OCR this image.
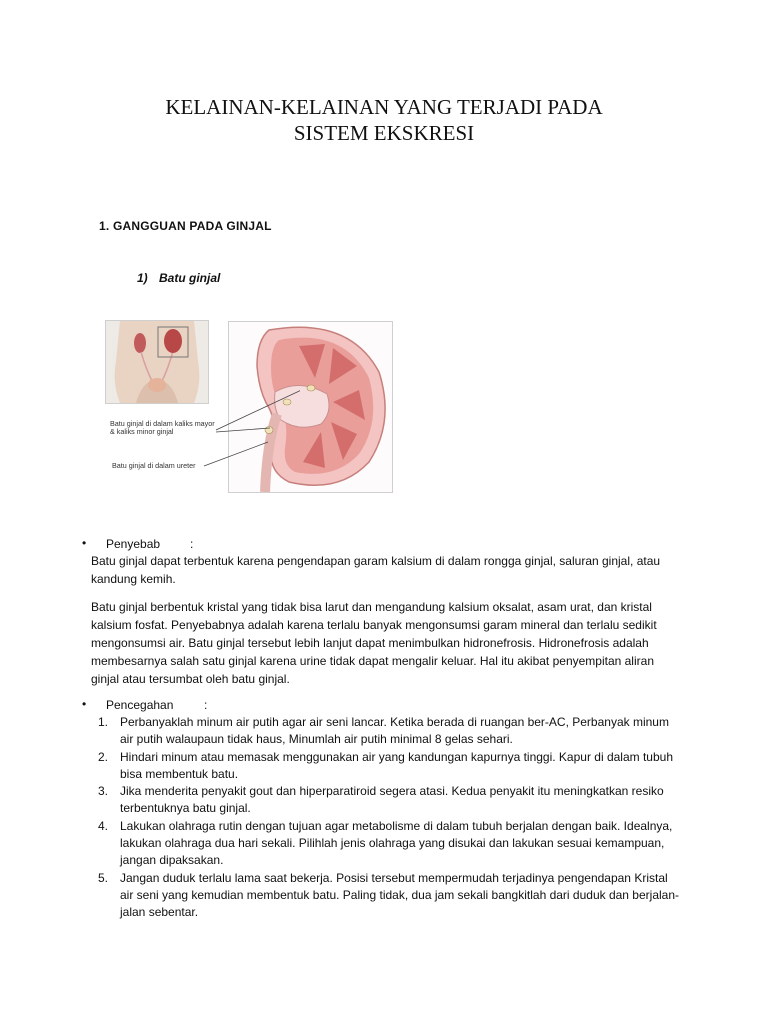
KELAINAN-KELAINAN YANG TERJADI PADA
SISTEM EKSKRESI
1. GANGGUAN PADA GINJAL
1) Batu ginjal
Batu ginjal di dalam kaliks mayor & kaliks minor ginjal
Batu ginjal di dalam ureter
• Penyebab :
Batu ginjal dapat terbentuk karena pengendapan garam kalsium di dalam rongga ginjal, saluran ginjal, atau kandung kemih.
Batu ginjal berbentuk kristal yang tidak bisa larut dan mengandung kalsium oksalat, asam urat, dan kristal kalsium fosfat. Penyebabnya adalah karena terlalu banyak mengonsumsi garam mineral dan terlalu sedikit mengonsumsi air. Batu ginjal tersebut lebih lanjut dapat menimbulkan hidronefrosis. Hidronefrosis adalah membesarnya salah satu ginjal karena urine tidak dapat mengalir keluar. Hal itu akibat penyempitan aliran ginjal atau tersumbat oleh batu ginjal.
• Pencegahan	:
1. Perbanyaklah minum air putih agar air seni lancar. Ketika berada di ruangan ber-AC, Perbanyak minum air putih walaupaun tidak haus, Minumlah air putih minimal 8 gelas sehari.
2. Hindari minum atau memasak menggunakan air yang kandungan kapurnya tinggi. Kapur di dalam tubuh bisa membentuk batu.
3. Jika menderita penyakit gout dan hiperparatiroid segera atasi. Kedua penyakit itu meningkatkan resiko terbentuknya batu ginjal.
4. Lakukan olahraga rutin dengan tujuan agar metabolisme di dalam tubuh berjalan dengan baik. Idealnya, lakukan olahraga dua hari sekali. Pilihlah jenis olahraga yang disukai dan lakukan sesuai kemampuan, jangan dipaksakan.
5. Jangan duduk terlalu lama saat bekerja. Posisi tersebut mempermudah terjadinya pengendapan Kristal air seni yang kemudian membentuk batu. Paling tidak, dua jam sekali bangkitlah dari duduk dan berjalan-jalan sebentar.
